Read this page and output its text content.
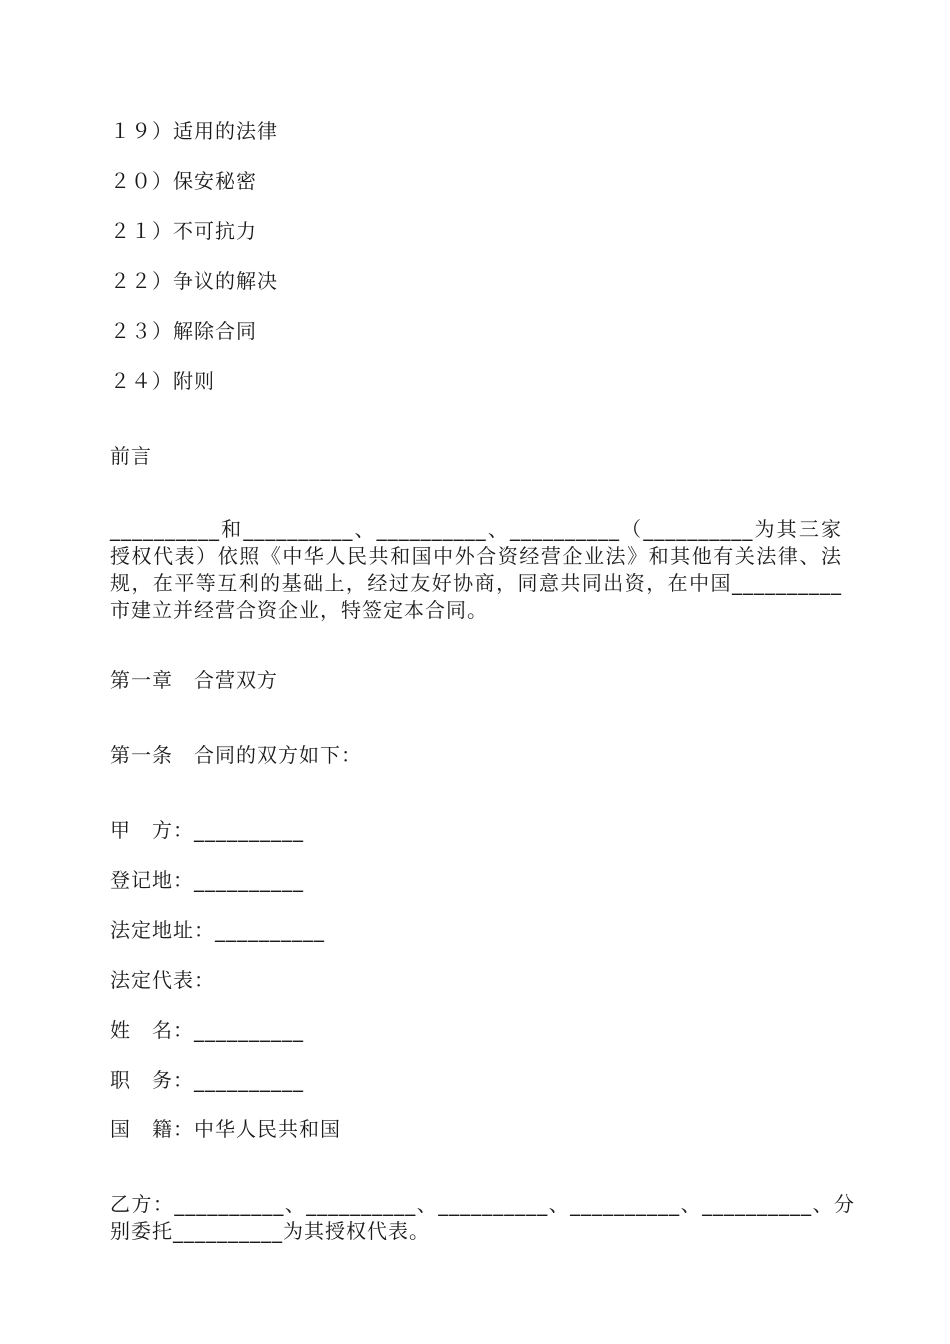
１９）适用的法律
２０）保安秘密
２１）不可抗力
２２）争议的解决
２３）解除合同
２４）附则
前言
__________和__________、__________、__________（__________为其三家授权代表）依照《中华人民共和国中外合资经营企业法》和其他有关法律、法规，在平等互利的基础上，经过友好协商，同意共同出资，在中国__________市建立并经营合资企业，特签定本合同。
第一章　合营双方
第一条　合同的双方如下：
甲　方：__________
登记地：__________
法定地址：__________
法定代表：
姓　名：__________
职　务：__________
国　籍：中华人民共和国
乙方：__________、__________、__________、__________、__________、分别委托__________为其授权代表。
